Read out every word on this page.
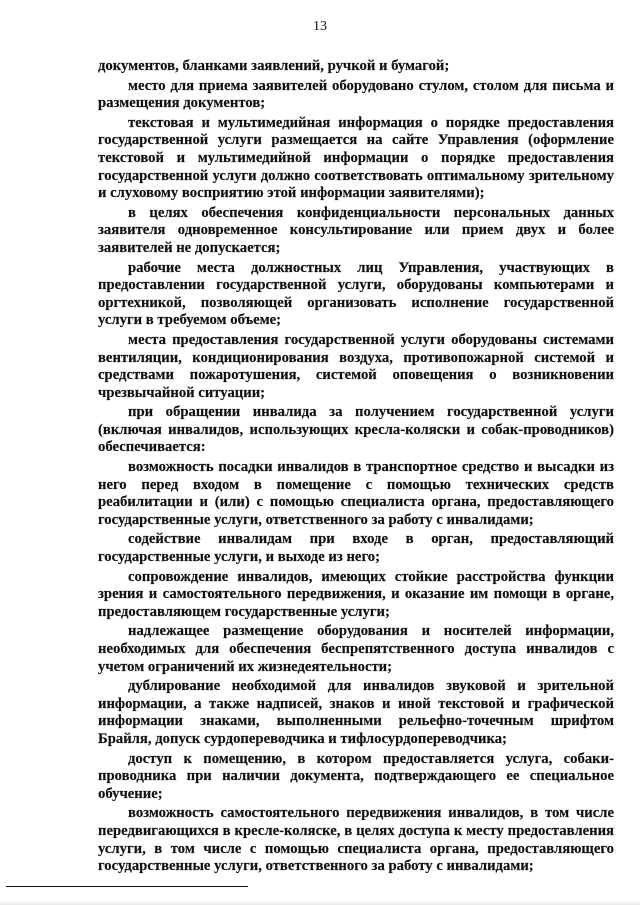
13

документов, бланками заявлений, ручкой и бумагой;

место для приема заявителей оборудовано стулом, столом для письма и размещения документов;

текстовая и мультимедийная информация о порядке предоставления государственной услуги размещается на сайте Управления (оформление текстовой и мультимедийной информации о порядке предоставления государственной услуги должно соответствовать оптимальному зрительному и слуховому восприятию этой информации заявителями);

в целях обеспечения конфиденциальности персональных данных заявителя одновременное консультирование или прием двух и более заявителей не допускается;

рабочие места должностных лиц Управления, участвующих в предоставлении государственной услуги, оборудованы компьютерами и оргтехникой, позволяющей организовать исполнение государственной услуги в требуемом объеме;

места предоставления государственной услуги оборудованы системами вентиляции, кондиционирования воздуха, противопожарной системой и средствами пожаротушения, системой оповещения о возникновении чрезвычайной ситуации;

при обращении инвалида за получением государственной услуги (включая инвалидов, использующих кресла-коляски и собак-проводников) обеспечивается:

возможность посадки инвалидов в транспортное средство и высадки из него перед входом в помещение с помощью технических средств реабилитации и (или) с помощью специалиста органа, предоставляющего государственные услуги, ответственного за работу с инвалидами;

содействие инвалидам при входе в орган, предоставляющий государственные услуги, и выходе из него;

сопровождение инвалидов, имеющих стойкие расстройства функции зрения и самостоятельного передвижения, и оказание им помощи в органе, предоставляющем государственные услуги;

надлежащее размещение оборудования и носителей информации, необходимых для обеспечения беспрепятственного доступа инвалидов с учетом ограничений их жизнедеятельности;

дублирование необходимой для инвалидов звуковой и зрительной информации, а также надписей, знаков и иной текстовой и графической информации знаками, выполненными рельефно-точечным шрифтом Брайля, допуск сурдопереводчика и тифлосурдопереводчика;

доступ к помещению, в котором предоставляется услуга, собаки-проводника при наличии документа, подтверждающего ее специальное обучение;

возможность самостоятельного передвижения инвалидов, в том числе передвигающихся в кресле-коляске, в целях доступа к месту предоставления услуги, в том числе с помощью специалиста органа, предоставляющего государственные услуги, ответственного за работу с инвалидами;
